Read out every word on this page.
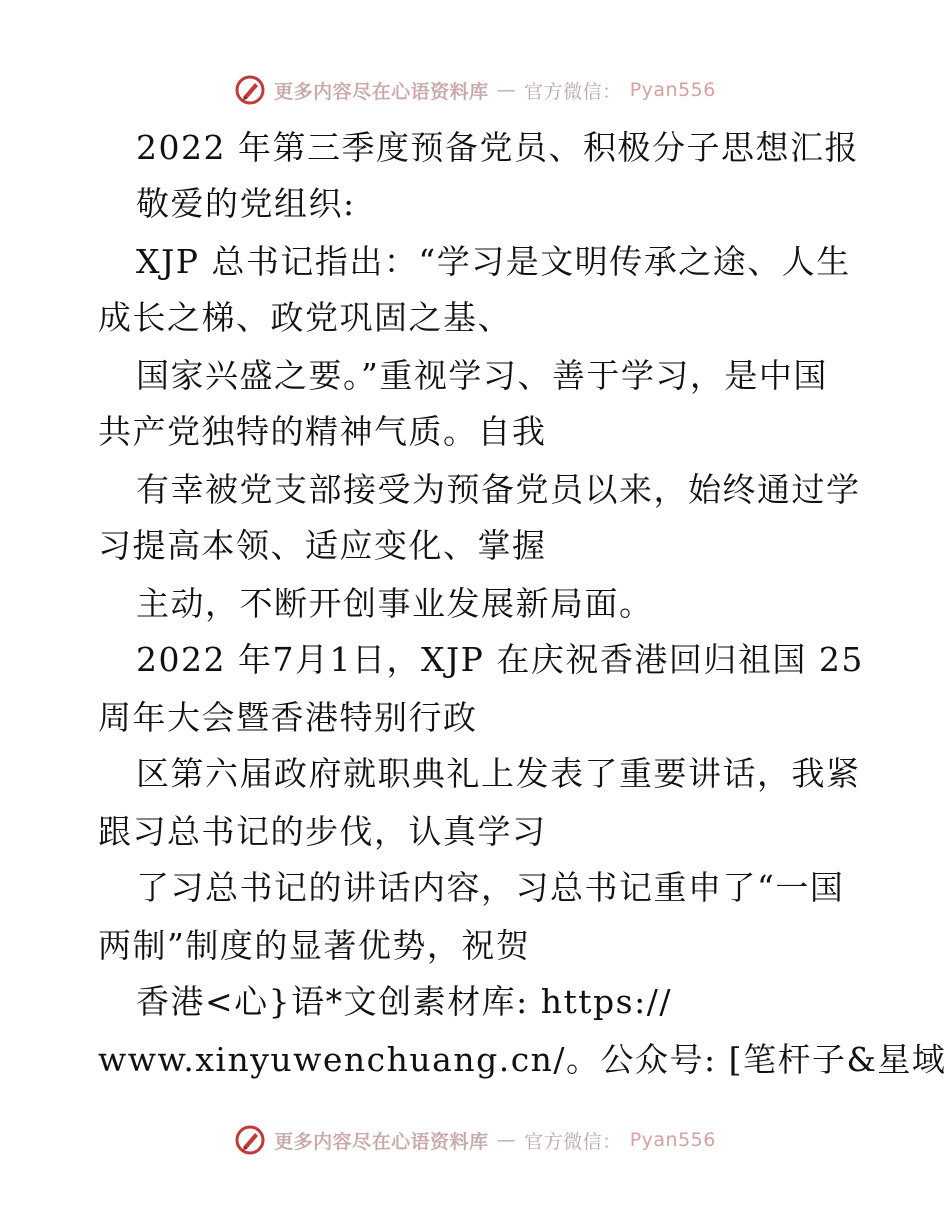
更多内容尽在心语资料库 — 官方微信： Pyan556
2022 年第三季度预备党员、积极分子思想汇报
敬爱的党组织:
XJP 总书记指出：“学习是文明传承之途、人生
成长之梯、政党巩固之基、
国家兴盛之要。”重视学习、善于学习，是中国
共产党独特的精神气质。自我
有幸被党支部接受为预备党员以来，始终通过学
习提高本领、适应变化、掌握
主动，不断开创事业发展新局面。
2022 年7月1日，XJP 在庆祝香港回归祖国 25
周年大会暨香港特别行政
区第六届政府就职典礼上发表了重要讲话，我紧
跟习总书记的步伐，认真学习
了习总书记的讲话内容，习总书记重申了“一国
两制”制度的显著优势，祝贺
香港<心}语*文创素材库: https://
www.xinyuwenchuang.cn/。公众号: [笔杆子&星域
更多内容尽在心语资料库 — 官方微信： Pyan556
